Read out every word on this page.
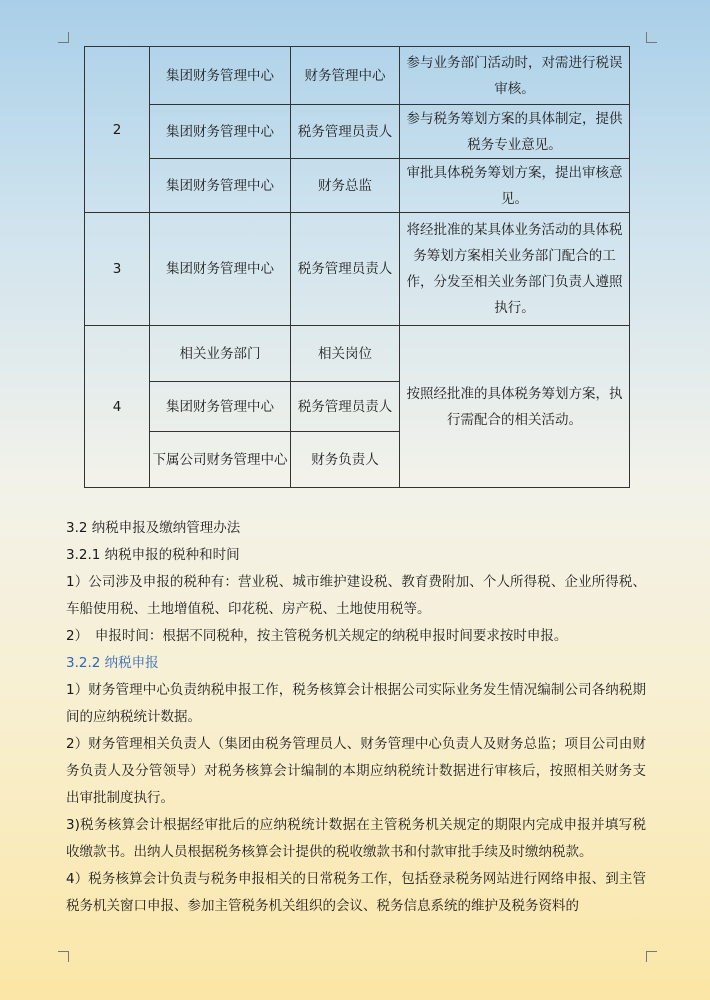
2	集团财务管理中心	财务管理中心	参与业务部门活动时，对需进行税误审核。
	集团财务管理中心	税务管理员责人	参与税务筹划方案的具体制定，提供税务专业意见。
	集团财务管理中心	财务总监	审批具体税务筹划方案，提出审核意见。
3	集团财务管理中心	税务管理员责人	将经批准的某具体业务活动的具体税务筹划方案相关业务部门配合的工作，分发至相关业务部门负责人遵照执行。
4	相关业务部门	相关岗位	按照经批准的具体税务筹划方案，执行需配合的相关活动。
	集团财务管理中心	税务管理员责人	
	下属公司财务管理中心	财务负责人	

3.2 纳税申报及缴纳管理办法

3.2.1 纳税申报的税种和时间

1）公司涉及申报的税种有：营业税、城市维护建设税、教育费附加、个人所得税、企业所得税、车船使用税、土地增值税、印花税、房产税、土地使用税等。

2）　申报时间：根据不同税种，按主管税务机关规定的纳税申报时间要求按时申报。

3.2.2 纳税申报

1）财务管理中心负责纳税申报工作，税务核算会计根据公司实际业务发生情况编制公司各纳税期间的应纳税统计数据。

2）财务管理相关负责人（集团由税务管理员人、财务管理中心负责人及财务总监；项目公司由财务负责人及分管领导）对税务核算会计编制的本期应纳税统计数据进行审核后，按照相关财务支出审批制度执行。

3)税务核算会计根据经审批后的应纳税统计数据在主管税务机关规定的期限内完成申报并填写税收缴款书。出纳人员根据税务核算会计提供的税收缴款书和付款审批手续及时缴纳税款。

4）税务核算会计负责与税务申报相关的日常税务工作，包括登录税务网站进行网络申报、到主管税务机关窗口申报、参加主管税务机关组织的会议、税务信息系统的维护及税务资料的
